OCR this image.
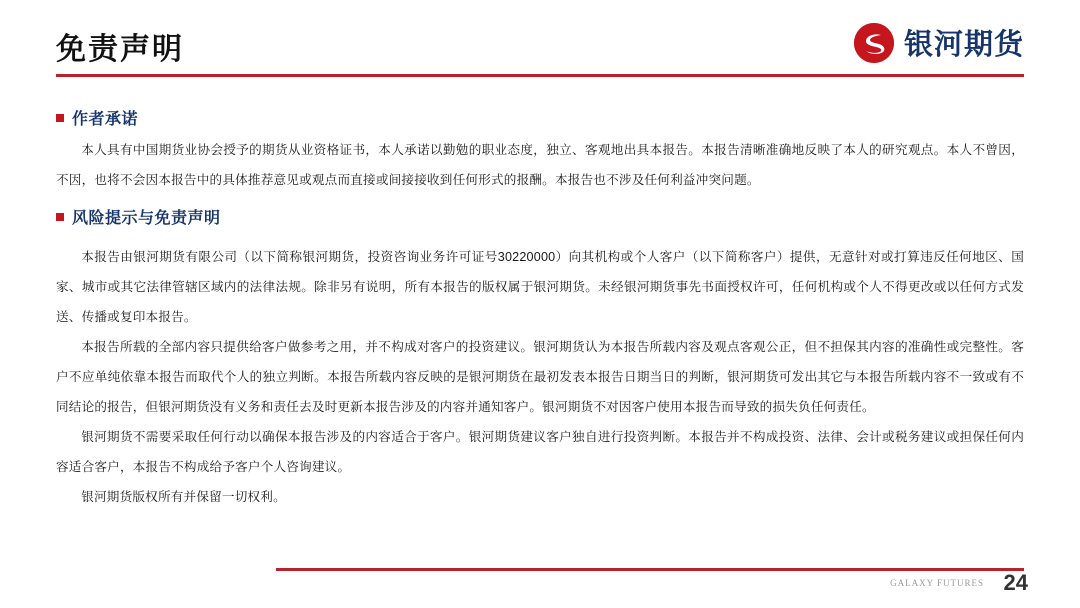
免责声明	银河期货
作者承诺

本人具有中国期货业协会授予的期货从业资格证书，本人承诺以勤勉的职业态度，独立、客观地出具本报告。本报告清晰准确地反映了本人的研究观点。本人不曾因，不因，也将不会因本报告中的具体推荐意见或观点而直接或间接接收到任何形式的报酬。本报告也不涉及任何利益冲突问题。

风险提示与免责声明

本报告由银河期货有限公司（以下简称银河期货，投资咨询业务许可证号30220000）向其机构或个人客户（以下简称客户）提供，无意针对或打算违反任何地区、国家、城市或其它法律管辖区域内的法律法规。除非另有说明，所有本报告的版权属于银河期货。未经银河期货事先书面授权许可，任何机构或个人不得更改或以任何方式发送、传播或复印本报告。

本报告所载的全部内容只提供给客户做参考之用，并不构成对客户的投资建议。银河期货认为本报告所载内容及观点客观公正，但不担保其内容的准确性或完整性。客户不应单纯依靠本报告而取代个人的独立判断。本报告所载内容反映的是银河期货在最初发表本报告日期当日的判断，银河期货可发出其它与本报告所载内容不一致或有不同结论的报告，但银河期货没有义务和责任去及时更新本报告涉及的内容并通知客户。银河期货不对因客户使用本报告而导致的损失负任何责任。

银河期货不需要采取任何行动以确保本报告涉及的内容适合于客户。银河期货建议客户独自进行投资判断。本报告并不构成投资、法律、会计或税务建议或担保任何内容适合客户，本报告不构成给予客户个人咨询建议。

银河期货版权所有并保留一切权利。

GALAXY FUTURES 24
